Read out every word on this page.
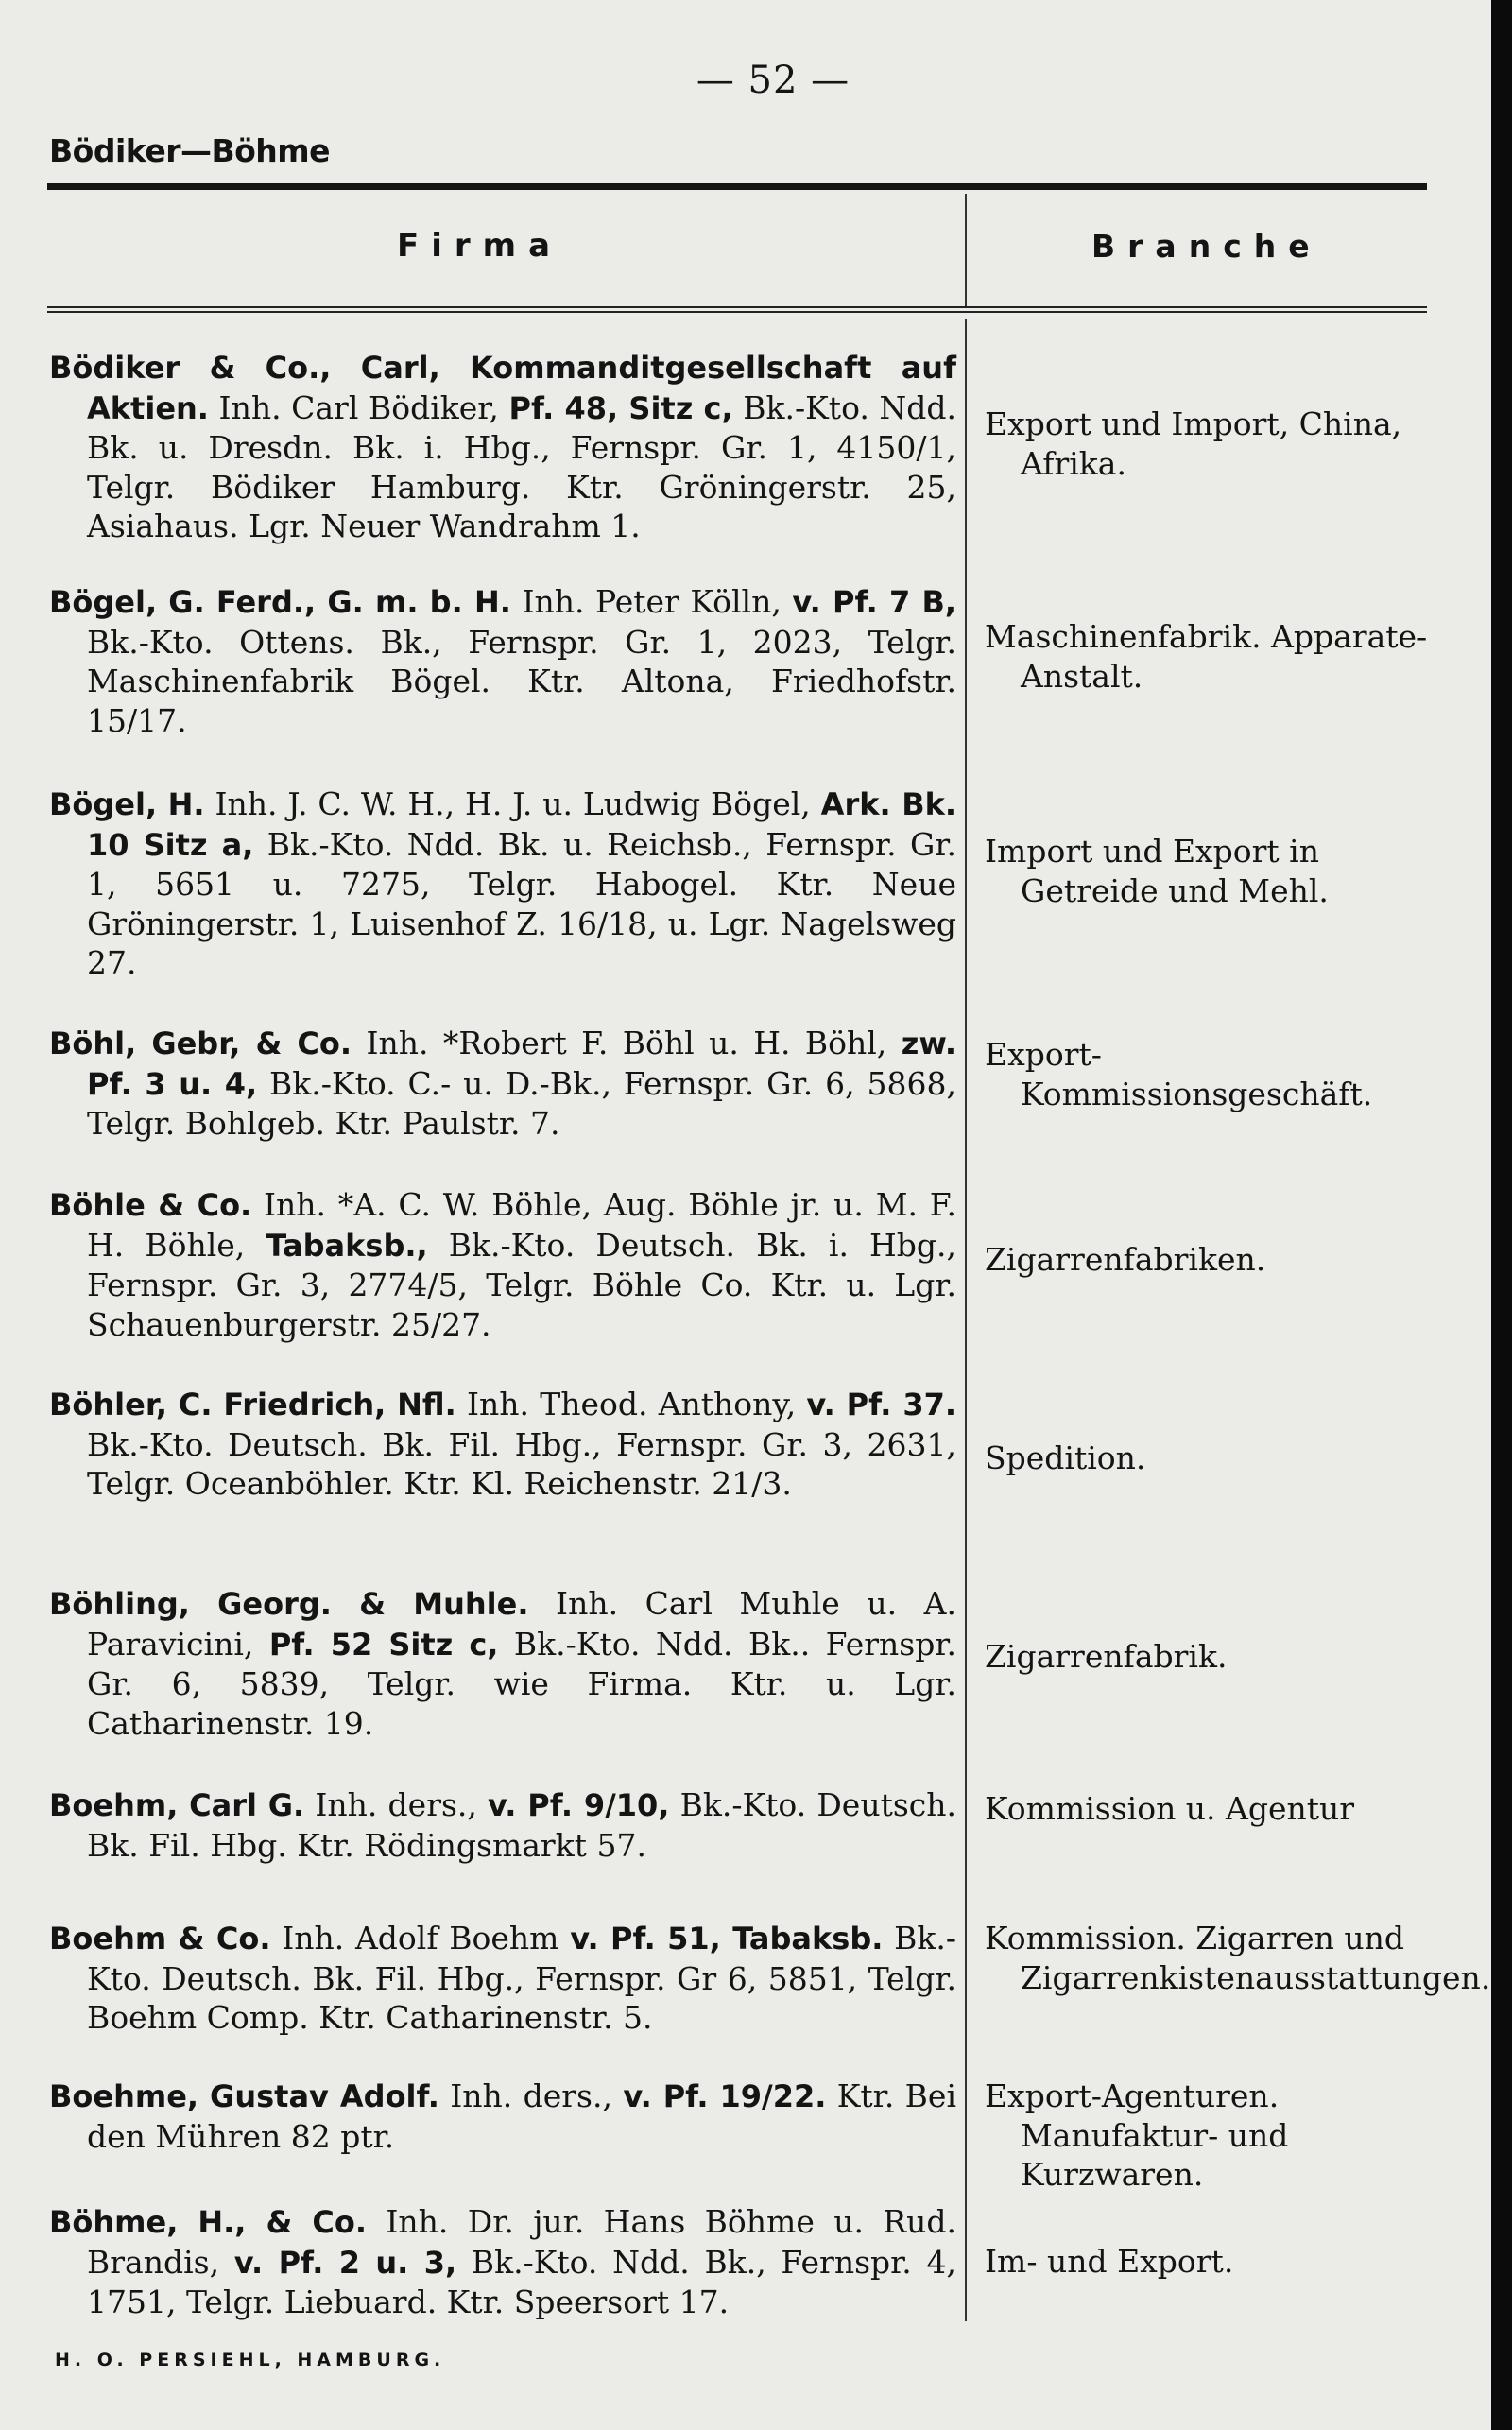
— 52 —
Bödiker—Böhme
Firma	Branche
Bödiker & Co., Carl, Kommanditgesellschaft auf Aktien. Inh. Carl Bödiker, Pf. 48, Sitz c, Bk.-Kto. Ndd. Bk. u. Dresdn. Bk. i. Hbg., Fernspr. Gr. 1, 4150/1, Telgr. Bödiker Hamburg. Ktr. Gröningerstr. 25, Asiahaus. Lgr. Neuer Wandrahm 1.
Export und Import, China, Afrika.
Bögel, G. Ferd., G. m. b. H. Inh. Peter Kölln, v. Pf. 7 B, Bk.-Kto. Ottens. Bk., Fernspr. Gr. 1, 2023, Telgr. Maschinenfabrik Bögel. Ktr. Altona, Friedhofstr. 15/17.
Maschinenfabrik. Apparate-Anstalt.
Bögel, H. Inh. J. C. W. H., H. J. u. Ludwig Bögel, Ark. Bk. 10 Sitz a, Bk.-Kto. Ndd. Bk. u. Reichsb., Fernspr. Gr. 1, 5651 u. 7275, Telgr. Habogel. Ktr. Neue Gröningerstr. 1, Luisenhof Z. 16/18, u. Lgr. Nagelsweg 27.
Import und Export in Getreide und Mehl.
Böhl, Gebr, & Co. Inh. *Robert F. Böhl u. H. Böhl, zw. Pf. 3 u. 4, Bk.-Kto. C.- u. D.-Bk., Fernspr. Gr. 6, 5868, Telgr. Bohlgeb. Ktr. Paulstr. 7.
Export-Kommissionsgeschäft.
Böhle & Co. Inh. *A. C. W. Böhle, Aug. Böhle jr. u. M. F. H. Böhle, Tabaksb., Bk.-Kto. Deutsch. Bk. i. Hbg., Fernspr. Gr. 3, 2774/5, Telgr. Böhle Co. Ktr. u. Lgr. Schauenburgerstr. 25/27.
Zigarrenfabriken.
Böhler, C. Friedrich, Nfl. Inh. Theod. Anthony, v. Pf. 37. Bk.-Kto. Deutsch. Bk. Fil. Hbg., Fernspr. Gr. 3, 2631, Telgr. Oceanböhler. Ktr. Kl. Reichenstr. 21/3.
Spedition.
Böhling, Georg. & Muhle. Inh. Carl Muhle u. A. Paravicini, Pf. 52 Sitz c, Bk.-Kto. Ndd. Bk.. Fernspr. Gr. 6, 5839, Telgr. wie Firma. Ktr. u. Lgr. Catharinenstr. 19.
Zigarrenfabrik.
Boehm, Carl G. Inh. ders., v. Pf. 9/10, Bk.-Kto. Deutsch. Bk. Fil. Hbg. Ktr. Rödingsmarkt 57.
Kommission u. Agentur
Boehm & Co. Inh. Adolf Boehm v. Pf. 51, Tabaksb. Bk.-Kto. Deutsch. Bk. Fil. Hbg., Fernspr. Gr 6, 5851, Telgr. Boehm Comp. Ktr. Catharinenstr. 5.
Kommission. Zigarren und Zigarrenkistenausstattungen.
Boehme, Gustav Adolf. Inh. ders., v. Pf. 19/22. Ktr. Bei den Mühren 82 ptr.
Export-Agenturen. Manufaktur- und Kurzwaren.
Böhme, H., & Co. Inh. Dr. jur. Hans Böhme u. Rud. Brandis, v. Pf. 2 u. 3, Bk.-Kto. Ndd. Bk., Fernspr. 4, 1751, Telgr. Liebuard. Ktr. Speersort 17.
Im- und Export.
H. O. PERSIEHL, HAMBURG.
